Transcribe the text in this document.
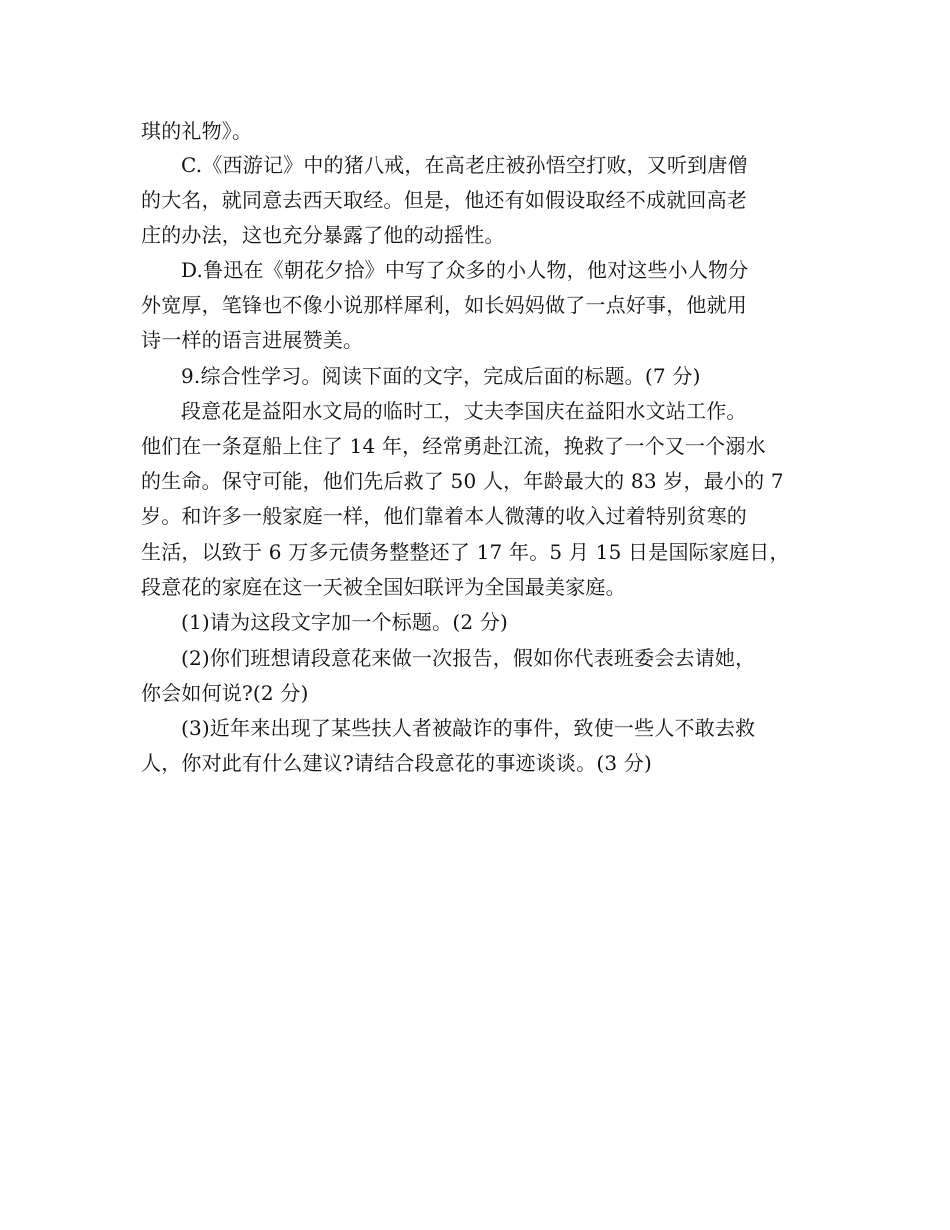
琪的礼物》。
C.《西游记》中的猪八戒，在高老庄被孙悟空打败，又听到唐僧
的大名，就同意去西天取经。但是，他还有如假设取经不成就回高老
庄的办法，这也充分暴露了他的动摇性。
D.鲁迅在《朝花夕拾》中写了众多的小人物，他对这些小人物分
外宽厚，笔锋也不像小说那样犀利，如长妈妈做了一点好事，他就用
诗一样的语言进展赞美。
9.综合性学习。阅读下面的文字，完成后面的标题。(7 分)
段意花是益阳水文局的临时工，丈夫李国庆在益阳水文站工作。
他们在一条趸船上住了 14 年，经常勇赴江流，挽救了一个又一个溺水
的生命。保守可能，他们先后救了 50 人，年龄最大的 83 岁，最小的 7
岁。和许多一般家庭一样，他们靠着本人微薄的收入过着特别贫寒的
生活，以致于 6 万多元债务整整还了 17 年。5 月 15 日是国际家庭日，
段意花的家庭在这一天被全国妇联评为全国最美家庭。
(1)请为这段文字加一个标题。(2 分)
(2)你们班想请段意花来做一次报告，假如你代表班委会去请她，
你会如何说?(2 分)
(3)近年来出现了某些扶人者被敲诈的事件，致使一些人不敢去救
人，你对此有什么建议?请结合段意花的事迹谈谈。(3 分)
